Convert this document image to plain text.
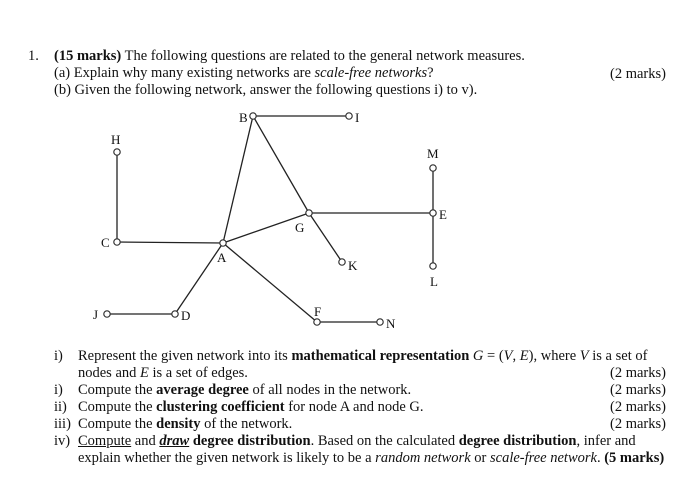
1. (15 marks) The following questions are related to the general network measures.
(a) Explain why many existing networks are scale-free networks?	(2 marks)
(b) Given the following network, answer the following questions i) to v).
B	I
H
M
G
E
C
A
K
L
J	D	F
N
i) Represent the given network into its mathematical representation G = (V, E), where V is a set of
nodes and E is a set of edges.	(2 marks)
i) Compute the average degree of all nodes in the network.	(2 marks)
ii) Compute the clustering coefficient for node A and node G.	(2 marks)
iii) Compute the density of the network.	(2 marks)
iv) Compute and draw degree distribution. Based on the calculated degree distribution, infer and
explain whether the given network is likely to be a random network or scale-free network. (5 marks)
